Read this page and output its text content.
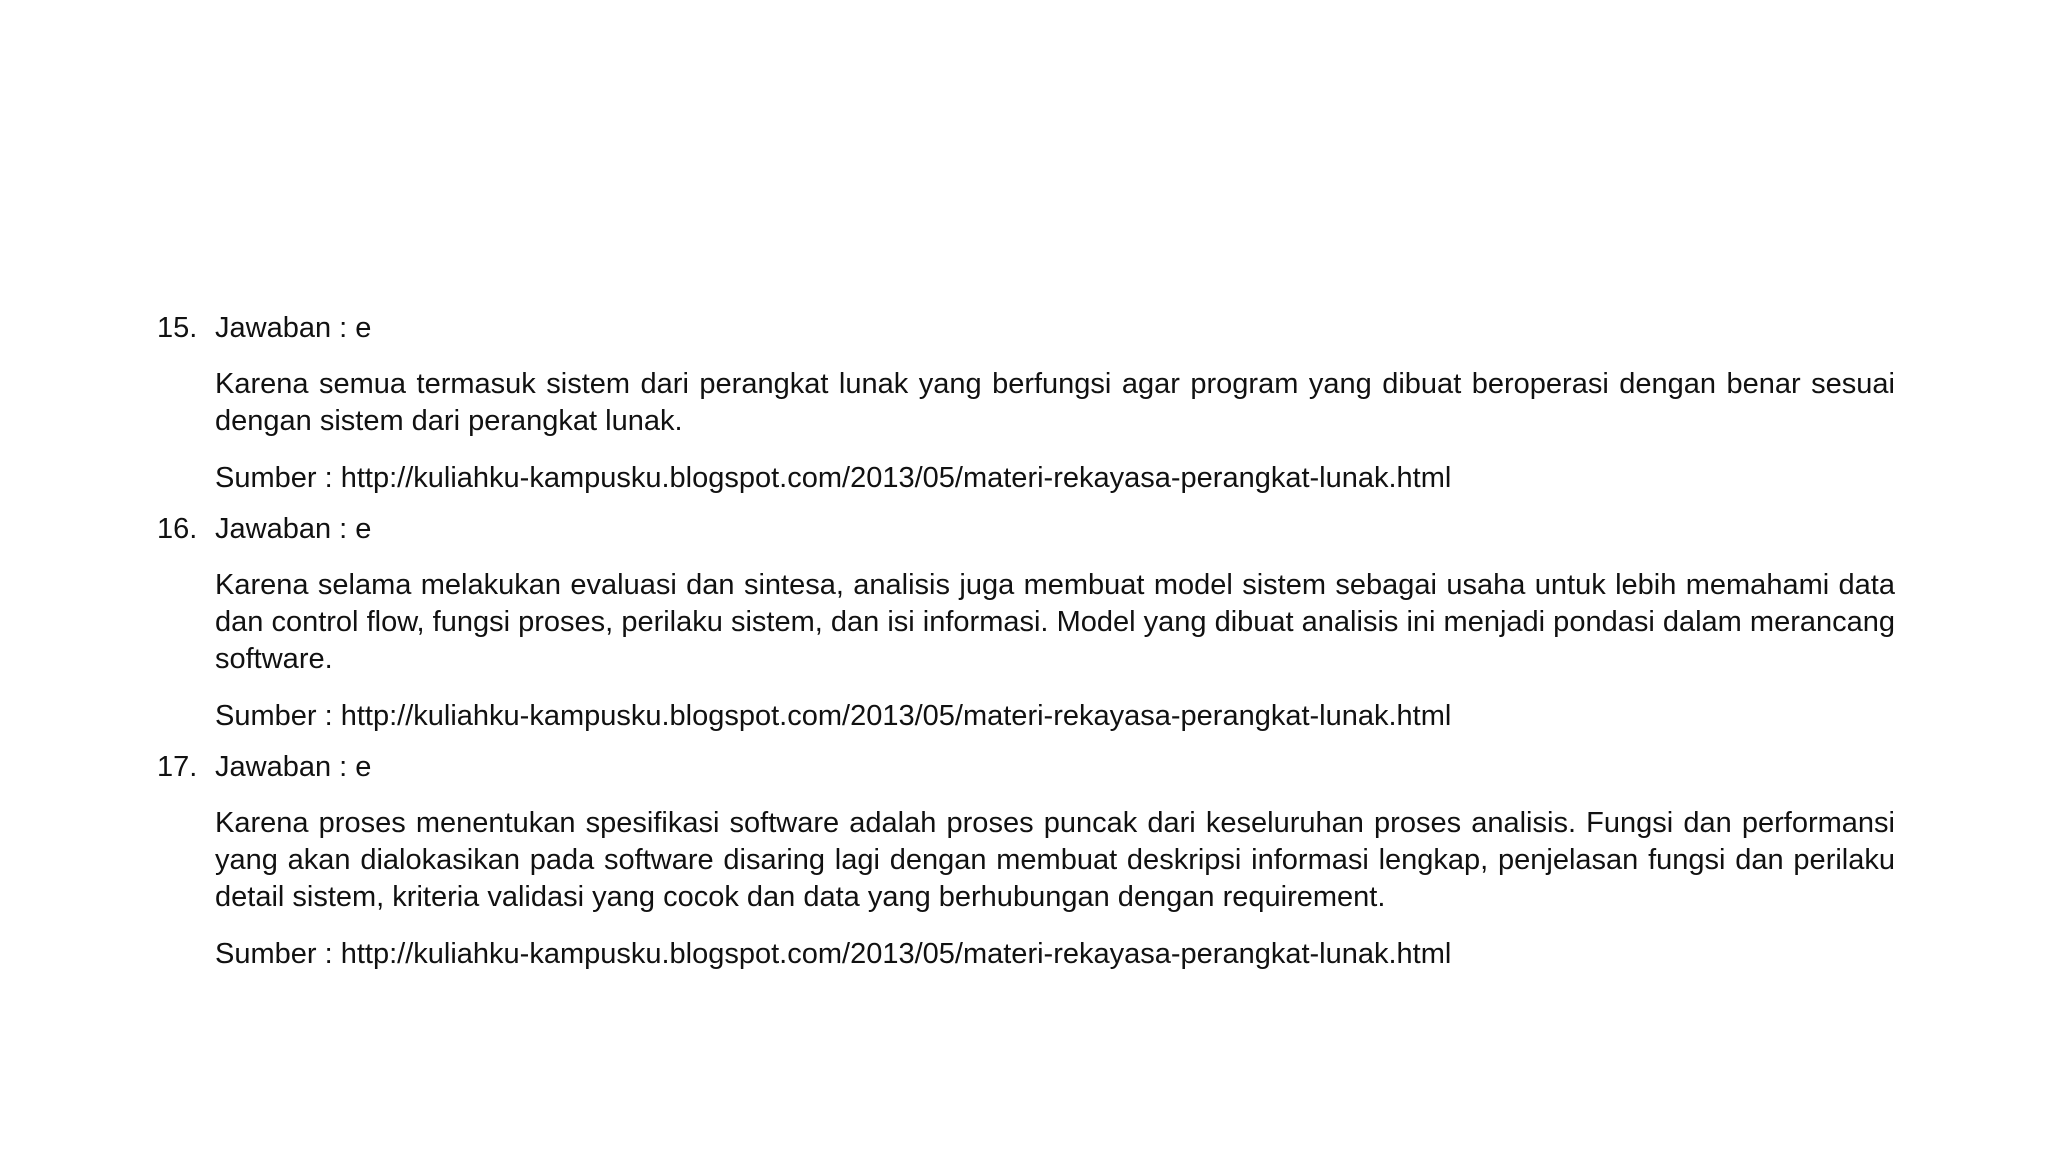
15. Jawaban : e

Karena semua termasuk sistem dari perangkat lunak yang berfungsi agar program yang dibuat beroperasi dengan benar sesuai dengan sistem dari perangkat lunak.

Sumber : http://kuliahku-kampusku.blogspot.com/2013/05/materi-rekayasa-perangkat-lunak.html

16. Jawaban : e

Karena selama melakukan evaluasi dan sintesa, analisis juga membuat model sistem sebagai usaha untuk lebih memahami data dan control flow, fungsi proses, perilaku sistem, dan isi informasi. Model yang dibuat analisis ini menjadi pondasi dalam merancang software.

Sumber : http://kuliahku-kampusku.blogspot.com/2013/05/materi-rekayasa-perangkat-lunak.html

17. Jawaban : e

Karena proses menentukan spesifikasi software adalah proses puncak dari keseluruhan proses analisis. Fungsi dan performansi yang akan dialokasikan pada software disaring lagi dengan membuat deskripsi informasi lengkap, penjelasan fungsi dan perilaku detail sistem, kriteria validasi yang cocok dan data yang berhubungan dengan requirement.

Sumber : http://kuliahku-kampusku.blogspot.com/2013/05/materi-rekayasa-perangkat-lunak.html
